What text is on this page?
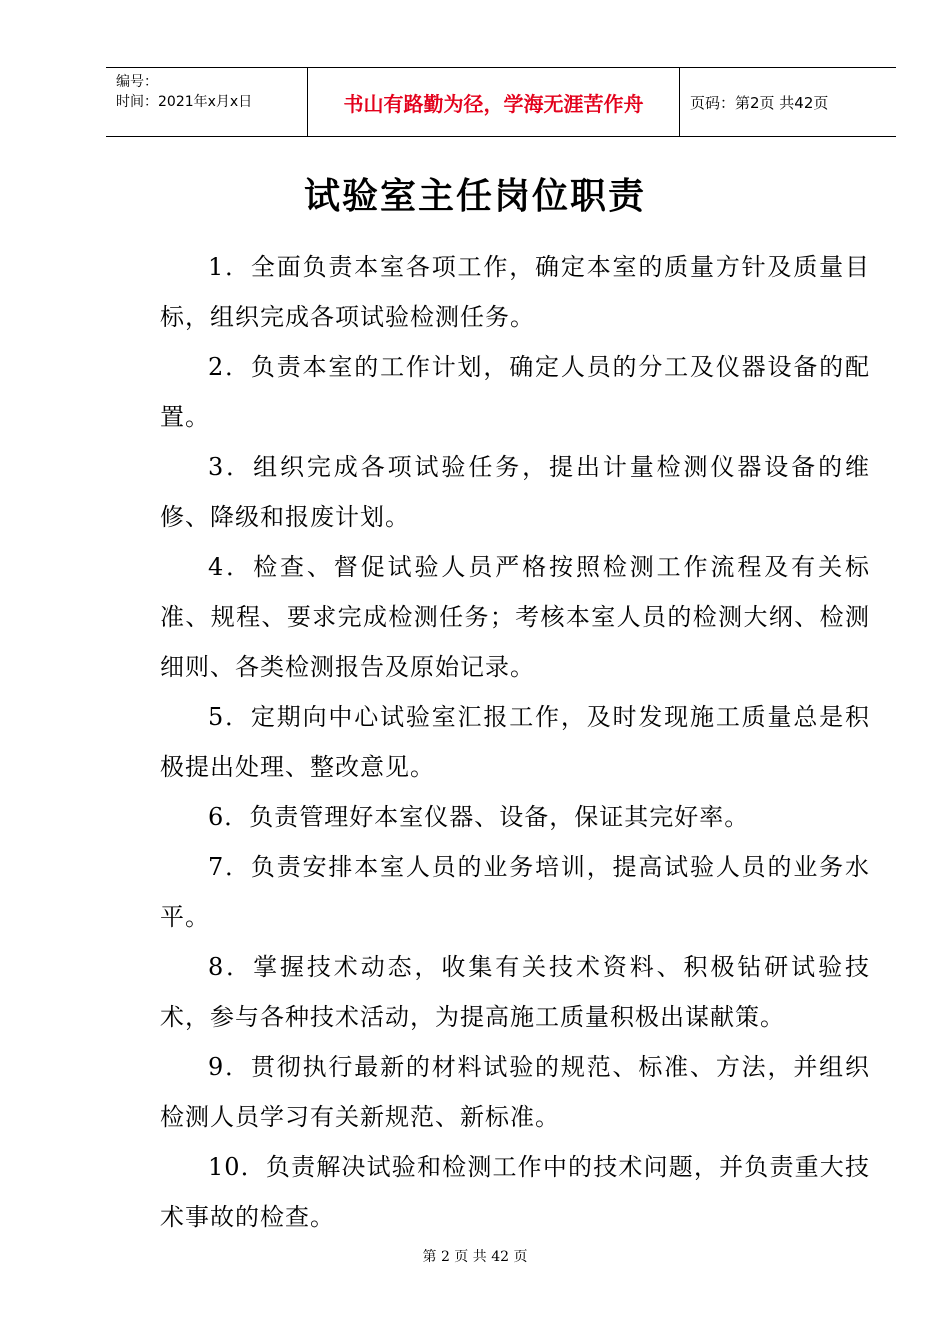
编号：
时间：2021年x月x日	书山有路勤为径，学海无涯苦作舟	页码：第2页 共42页
试验室主任岗位职责

1．全面负责本室各项工作，确定本室的质量方针及质量目标，组织完成各项试验检测任务。

2．负责本室的工作计划，确定人员的分工及仪器设备的配置。

3．组织完成各项试验任务，提出计量检测仪器设备的维修、降级和报废计划。

4．检查、督促试验人员严格按照检测工作流程及有关标准、规程、要求完成检测任务；考核本室人员的检测大纲、检测细则、各类检测报告及原始记录。

5．定期向中心试验室汇报工作，及时发现施工质量总是积极提出处理、整改意见。

6．负责管理好本室仪器、设备，保证其完好率。

7．负责安排本室人员的业务培训，提高试验人员的业务水平。

8．掌握技术动态，收集有关技术资料、积极钻研试验技术，参与各种技术活动，为提高施工质量积极出谋献策。

9．贯彻执行最新的材料试验的规范、标准、方法，并组织检测人员学习有关新规范、新标准。

10．负责解决试验和检测工作中的技术问题，并负责重大技术事故的检查。

第 2 页 共 42 页
